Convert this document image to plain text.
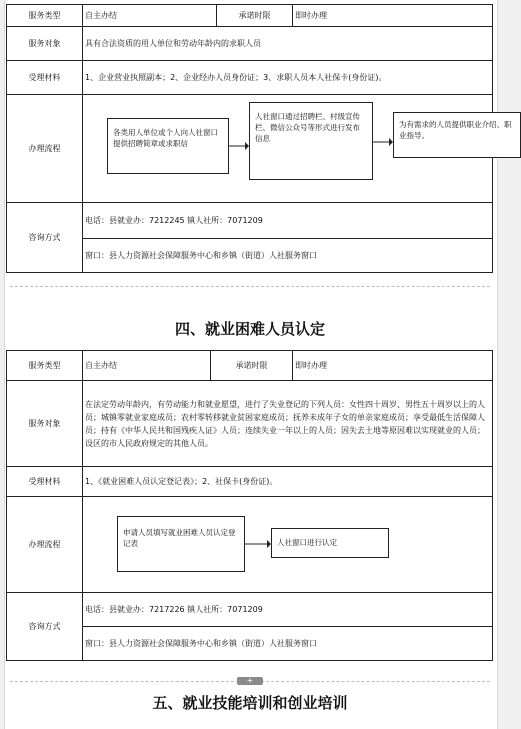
服务类型	自主办结	承诺时限	即时办理
服务对象	具有合法资质的用人单位和劳动年龄内的求职人员		
受理材料	1、企业营业执照副本；2、企业经办人员身份证；3、求职人员本人社保卡(身份证)。		
办理流程	各类用人单位或个人向人社窗口提供招聘简章或求职信
人社窗口通过招聘栏、村级宣传栏、微信公众号等形式进行发布信息
为有需求的人员提供职业介绍、职业指导。		

咨询方式	电话：县就业办：7212245 镇人社所：7071209		
	窗口：县人力资源社会保障服务中心和乡镇（街道）人社服务窗口		
四、就业困难人员认定
服务类型	自主办结	承诺时限	即时办理
服务对象	在法定劳动年龄内，有劳动能力和就业愿望，进行了失业登记的下列人员：女性四十周岁、男性五十周岁以上的人员；城镇零就业家庭成员；农村零转移就业贫困家庭成员；抚养未成年子女的单亲家庭成员；享受最低生活保障人员；持有《中华人民共和国残疾人证》人员；连续失业一年以上的人员；因失去土地等原因难以实现就业的人员；设区的市人民政府规定的其他人员。		
受理材料	1、《就业困难人员认定登记表》；2、社保卡(身份证)。		
办理流程	申请人员填写就业困难人员认定登记表 人社窗口进行认定		

咨询方式	电话：县就业办：7217226 镇人社所：7071209		
	窗口：县人力资源社会保障服务中心和乡镇（街道）人社服务窗口		
+
五、就业技能培训和创业培训
